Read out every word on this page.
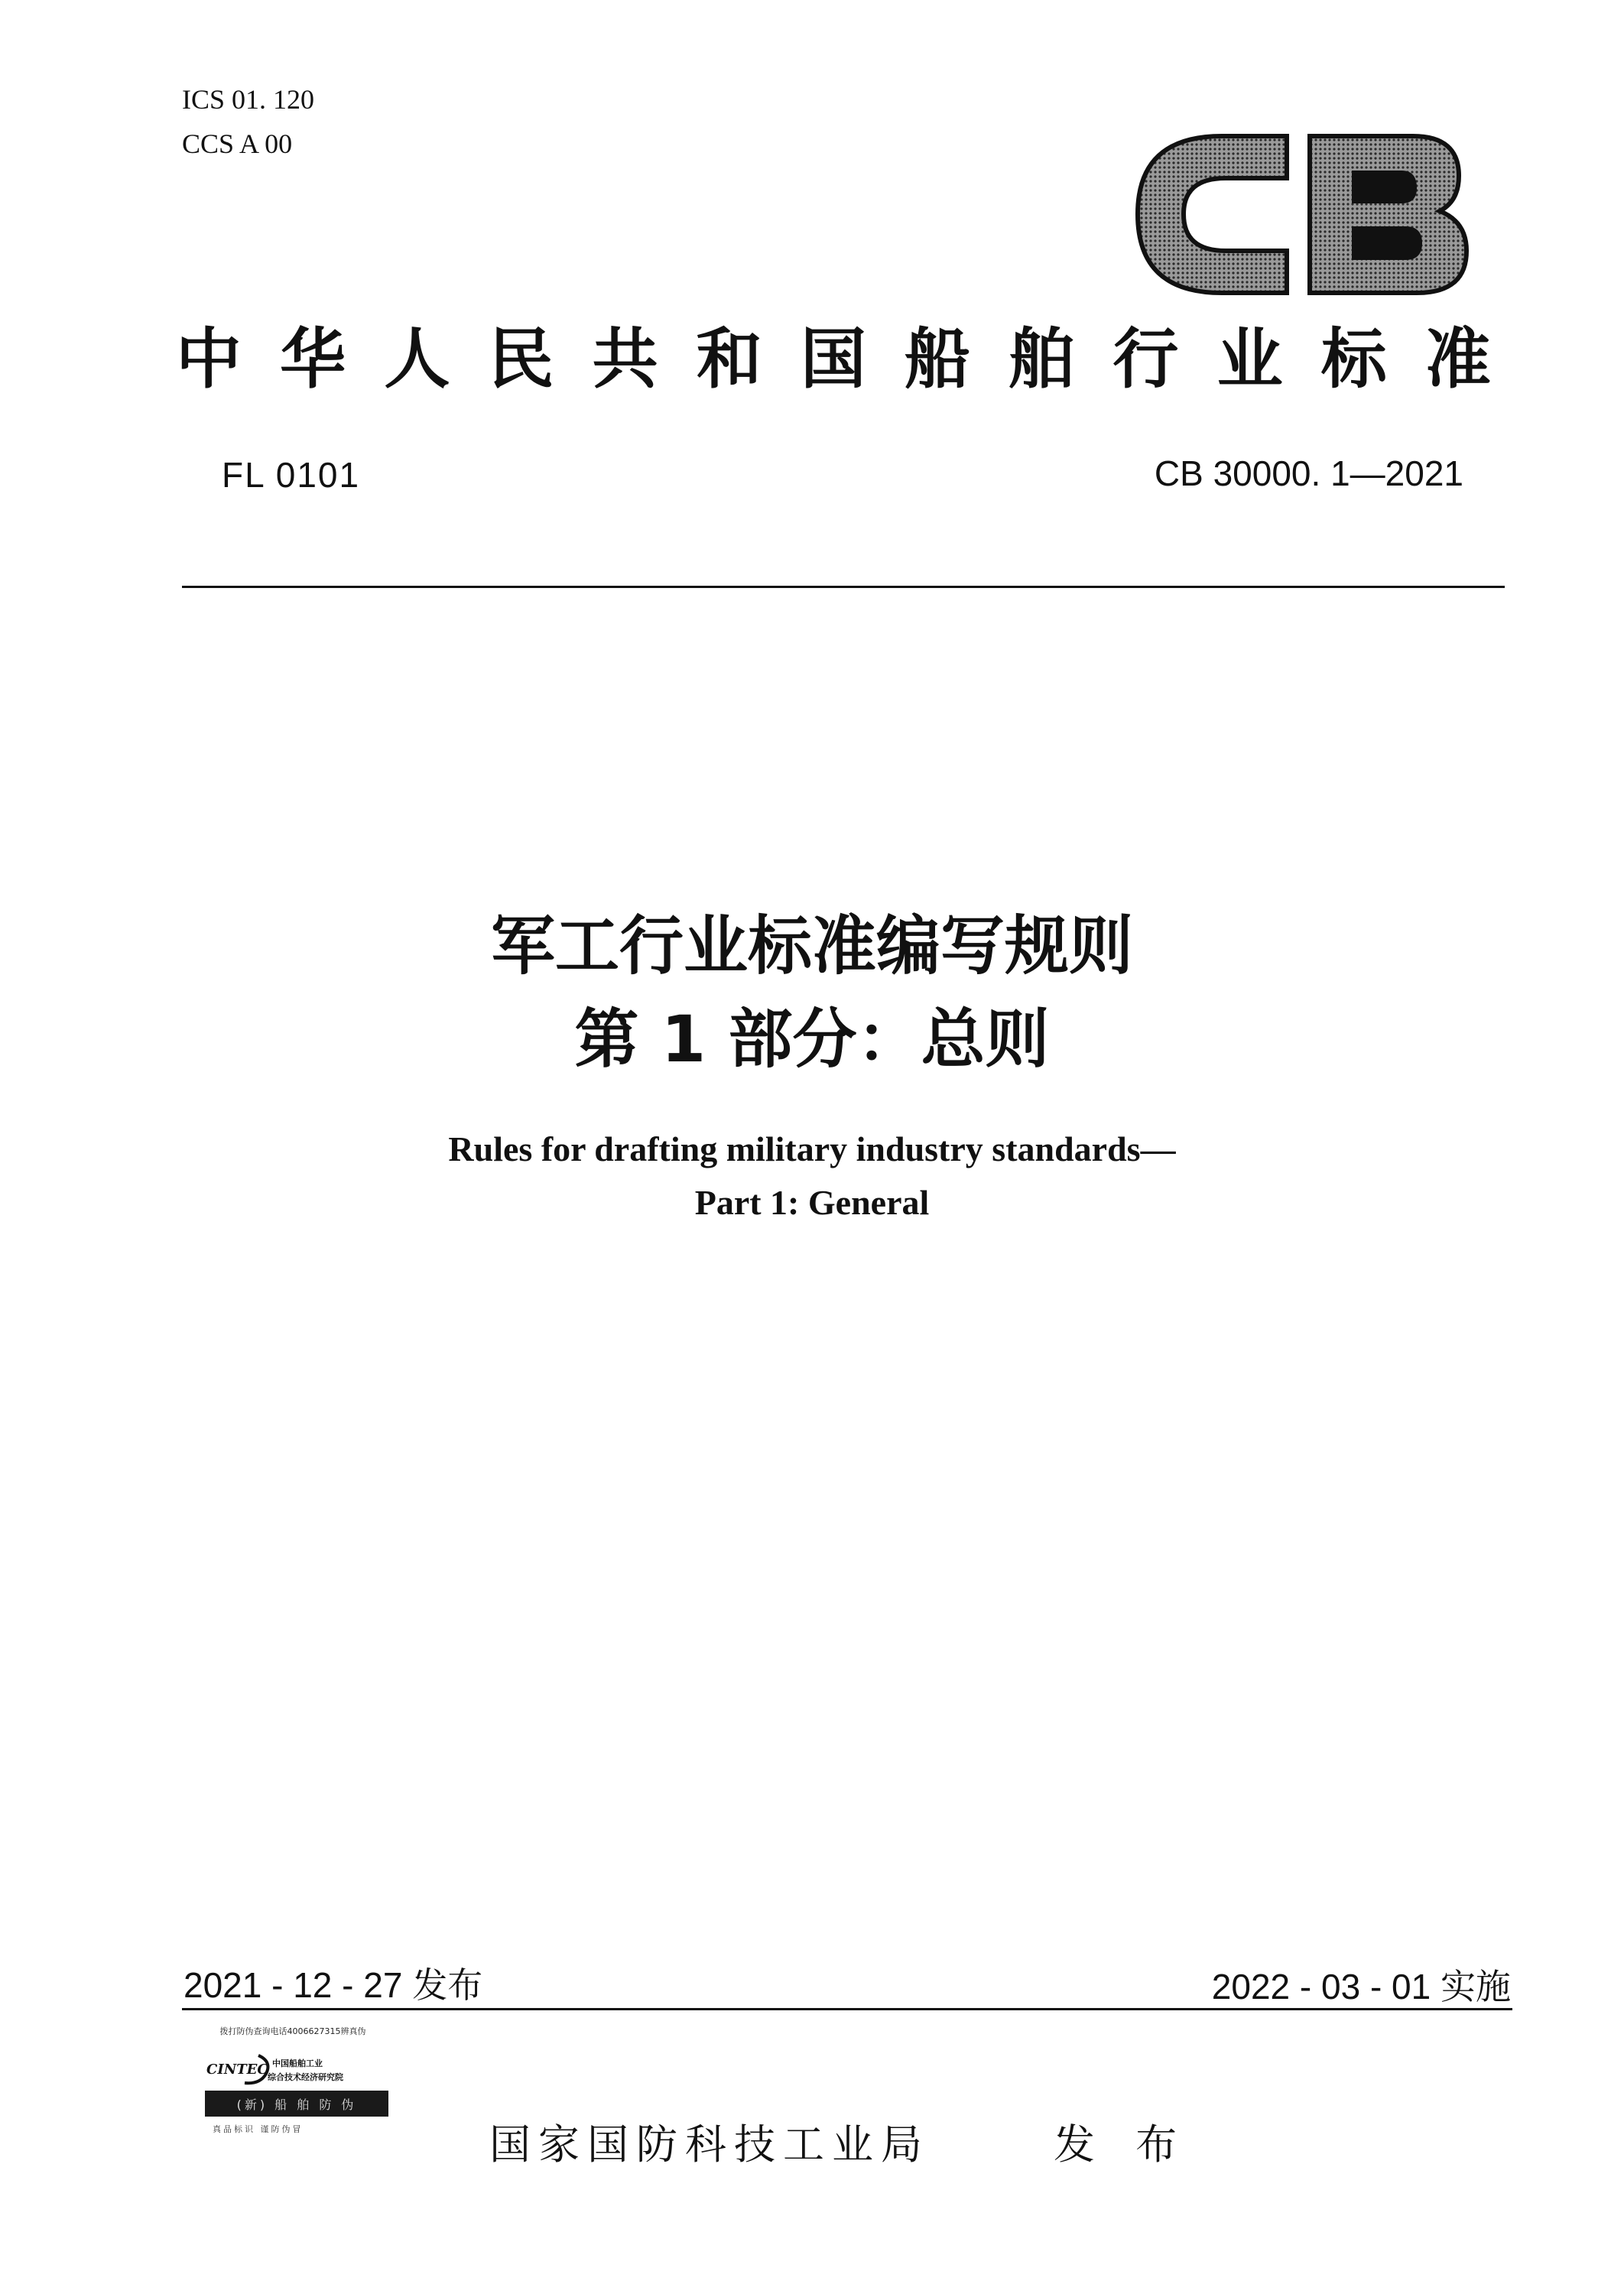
ICS 01. 120
CCS A 00
中 华 人 民 共 和 国 船 舶 行 业 标 准
FL 0101	CB 30000. 1—2021
军工行业标准编写规则
第 1 部分：总则
Rules for drafting military industry standards—
Part 1: General
2021 - 12 - 27 发布	2022 - 03 - 01 实施
拨打防伪查询电话4006627315辨真伪
CINTEC 中国船舶工业
综合技术经济研究院
(新) 船 舶 防 伪
真品标识 谨防伪冒	国家国防科技工业局	发 布
